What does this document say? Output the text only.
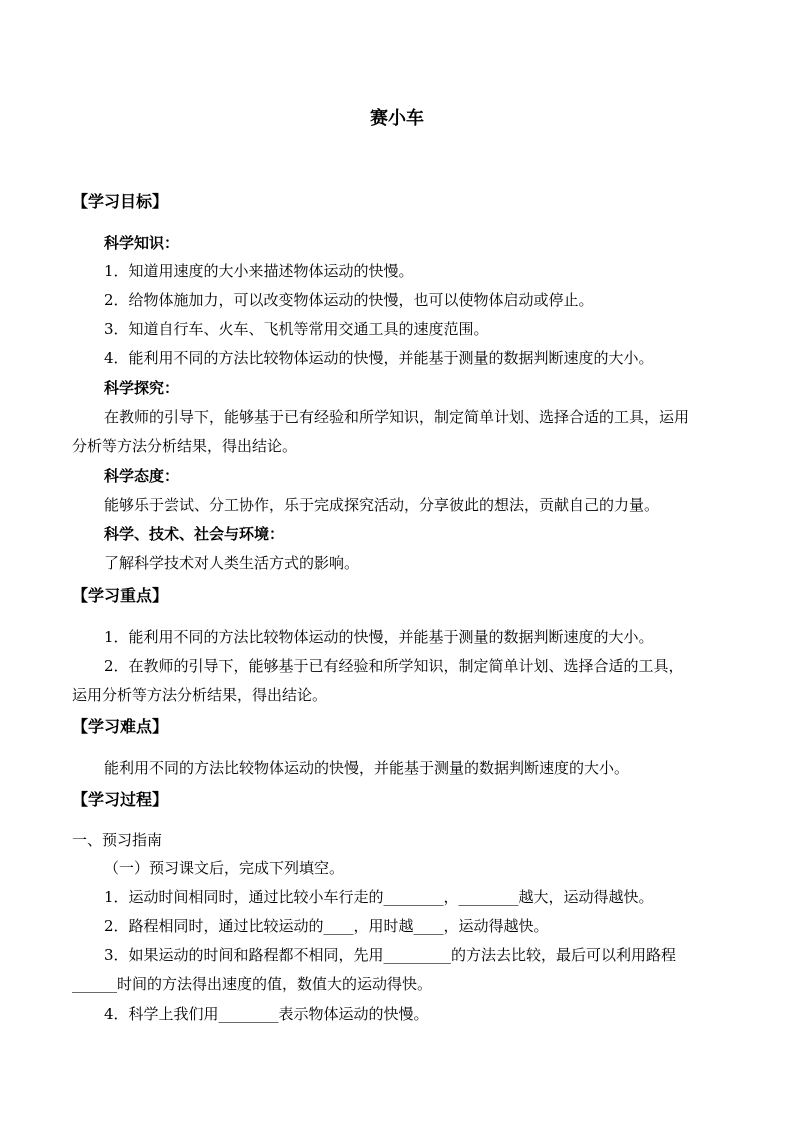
赛小车
【学习目标】
科学知识：
1．知道用速度的大小来描述物体运动的快慢。
2．给物体施加力，可以改变物体运动的快慢，也可以使物体启动或停止。
3．知道自行车、火车、飞机等常用交通工具的速度范围。
4．能利用不同的方法比较物体运动的快慢，并能基于测量的数据判断速度的大小。
科学探究：
在教师的引导下，能够基于已有经验和所学知识，制定简单计划、选择合适的工具，运用
分析等方法分析结果，得出结论。
科学态度：
能够乐于尝试、分工协作，乐于完成探究活动，分享彼此的想法，贡献自己的力量。
科学、技术、社会与环境：
了解科学技术对人类生活方式的影响。
【学习重点】
1．能利用不同的方法比较物体运动的快慢，并能基于测量的数据判断速度的大小。
2．在教师的引导下，能够基于已有经验和所学知识，制定简单计划、选择合适的工具，
运用分析等方法分析结果，得出结论。
【学习难点】
能利用不同的方法比较物体运动的快慢，并能基于测量的数据判断速度的大小。
【学习过程】
一、预习指南
（一）预习课文后，完成下列填空。
1．运动时间相同时，通过比较小车行走的________，________越大，运动得越快。
2．路程相同时，通过比较运动的____，用时越____，运动得越快。
3．如果运动的时间和路程都不相同，先用_________的方法去比较，最后可以利用路程
______时间的方法得出速度的值，数值大的运动得快。
4．科学上我们用________表示物体运动的快慢。
